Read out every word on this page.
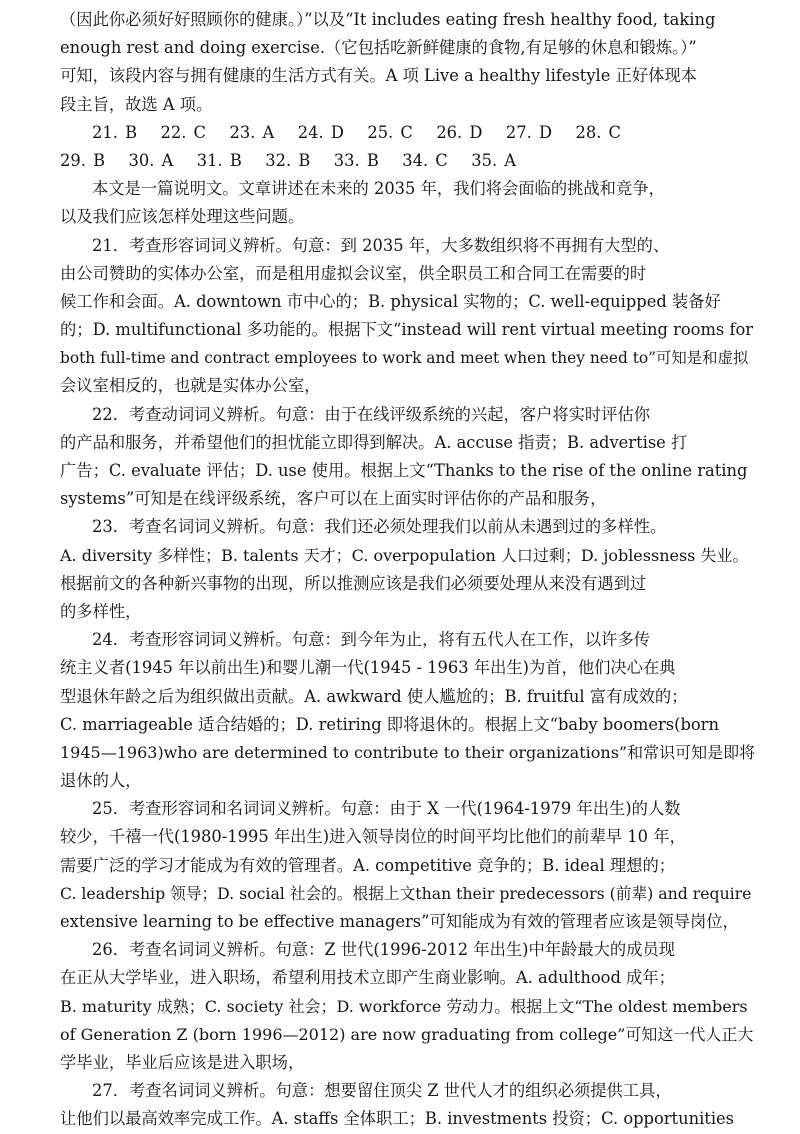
（因此你必须好好照顾你的健康。）”以及“It includes eating fresh healthy food, taking
enough rest and doing exercise.（它包括吃新鲜健康的食物,有足够的休息和锻炼。）”
可知，该段内容与拥有健康的生活方式有关。A 项 Live a healthy lifestyle 正好体现本
段主旨，故选 A 项。
21. B　 22. C　 23. A　 24. D　 25. C　 26. D　 27. D　 28. C
29. B　 30. A　 31. B　 32. B　 33. B　 34. C　 35. A
本文是一篇说明文。文章讲述在未来的 2035 年，我们将会面临的挑战和竞争，
以及我们应该怎样处理这些问题。
21．考查形容词词义辨析。句意：到 2035 年，大多数组织将不再拥有大型的、
由公司赞助的实体办公室，而是租用虚拟会议室，供全职员工和合同工在需要的时
候工作和会面。A. downtown 市中心的；B. physical 实物的；C. well-equipped 装备好
的；D. multifunctional 多功能的。根据下文“instead will rent virtual meeting rooms for
both full-time and contract employees to work and meet when they need to”可知是和虚拟
会议室相反的，也就是实体办公室，
22．考查动词词义辨析。句意：由于在线评级系统的兴起，客户将实时评估你
的产品和服务，并希望他们的担忧能立即得到解决。A. accuse 指责；B. advertise 打
广告；C. evaluate 评估；D. use 使用。根据上文“Thanks to the rise of the online rating
systems”可知是在线评级系统，客户可以在上面实时评估你的产品和服务，
23．考查名词词义辨析。句意：我们还必须处理我们以前从未遇到过的多样性。
A. diversity 多样性；B. talents 天才；C. overpopulation 人口过剩；D. joblessness 失业。
根据前文的各种新兴事物的出现，所以推测应该是我们必须要处理从来没有遇到过
的多样性，
24．考查形容词词义辨析。句意：到今年为止，将有五代人在工作，以许多传
统主义者(1945 年以前出生)和婴儿潮一代(1945 - 1963 年出生)为首，他们决心在典
型退休年龄之后为组织做出贡献。A. awkward 使人尴尬的；B. fruitful 富有成效的；
C. marriageable 适合结婚的；D. retiring 即将退休的。根据上文“baby boomers(born
1945—1963)who are determined to contribute to their organizations”和常识可知是即将
退休的人，
25．考查形容词和名词词义辨析。句意：由于 X 一代(1964-1979 年出生)的人数
较少，千禧一代(1980-1995 年出生)进入领导岗位的时间平均比他们的前辈早 10 年，
需要广泛的学习才能成为有效的管理者。A. competitive 竞争的；B. ideal 理想的；
C. leadership 领导；D. social 社会的。根据上文than their predecessors (前辈) and require
extensive learning to be effective managers”可知能成为有效的管理者应该是领导岗位，
26．考查名词词义辨析。句意：Z 世代(1996-2012 年出生)中年龄最大的成员现
在正从大学毕业，进入职场，希望利用技术立即产生商业影响。A. adulthood 成年；
B. maturity 成熟；C. society 社会；D. workforce 劳动力。根据上文“The oldest members
of Generation Z (born 1996—2012) are now graduating from college”可知这一代人正大
学毕业，毕业后应该是进入职场，
27．考查名词词义辨析。句意：想要留住顶尖 Z 世代人才的组织必须提供工具，
让他们以最高效率完成工作。A. staffs 全体职工；B. investments 投资；C. opportunities
